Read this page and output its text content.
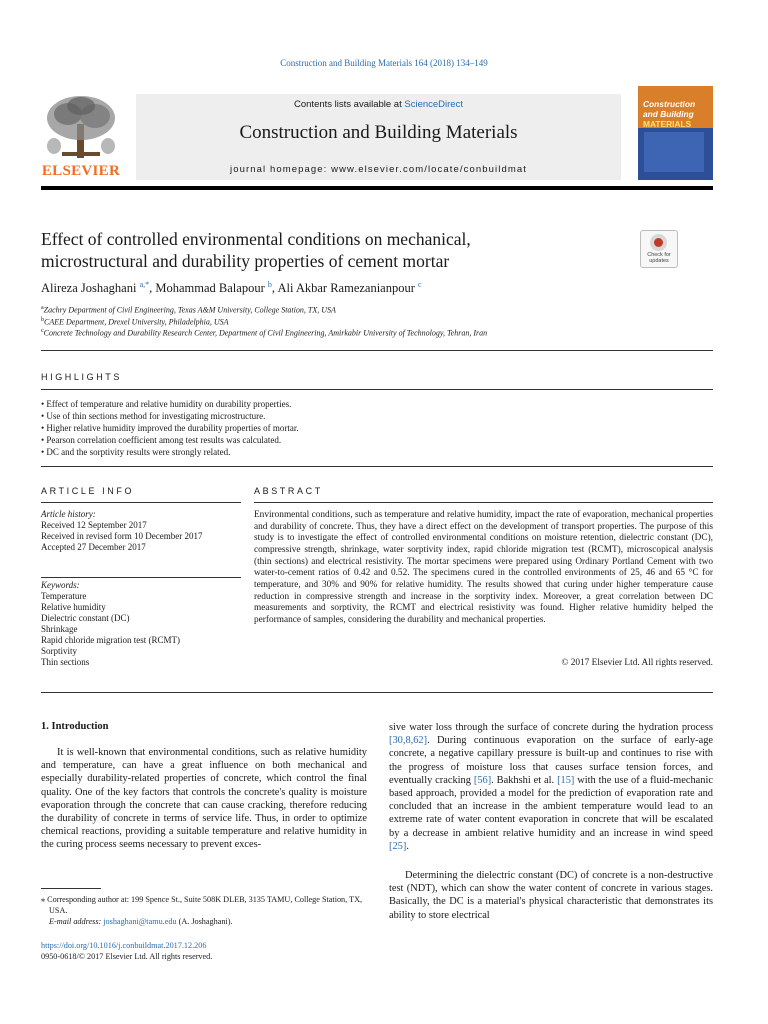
Construction and Building Materials 164 (2018) 134–149
ELSEVIER
Contents lists available at ScienceDirect
Construction and Building Materials
journal homepage: www.elsevier.com/locate/conbuildmat
Construction
and Building
MATERIALS
Effect of controlled environmental conditions on mechanical,
microstructural and durability properties of cement mortar	Check for updates
Alireza Joshaghani $^{a,*}$, Mohammad Balapour $^b$, Ali Akbar Ramezanianpour $^c$
$^a$Zachry Department of Civil Engineering, Texas A&M University, College Station, TX, USA
$^b$CAEE Department, Drexel University, Philadelphia, USA
$^c$Concrete Technology and Durability Research Center, Department of Civil Engineering, Amirkabir University of Technology, Tehran, Iran
HIGHLIGHTS
• Effect of temperature and relative humidity on durability properties.
• Use of thin sections method for investigating microstructure.
• Higher relative humidity improved the durability properties of mortar.
• Pearson correlation coefficient among test results was calculated.
• DC and the sorptivity results were strongly related.
ARTICLE INFO
Article history:
Received 12 September 2017
Received in revised form 10 December 2017
Accepted 27 December 2017
Keywords:
Temperature
Relative humidity
Dielectric constant (DC)
Shrinkage
Rapid chloride migration test (RCMT)
Sorptivity
Thin sections
ABSTRACT
Environmental conditions, such as temperature and relative humidity, impact the rate of evaporation, mechanical properties and durability of concrete. Thus, they have a direct effect on the development of transport properties. The purpose of this study is to investigate the effect of controlled environmental conditions on moisture retention, dielectric constant (DC), compressive strength, shrinkage, water sorptivity index, rapid chloride migration test (RCMT), microscopical analysis (thin sections) and electrical resistivity. The mortar specimens were prepared using Ordinary Portland Cement with two water-to-cement ratios of 0.42 and 0.52. The specimens cured in the controlled environments of 25, 46 and 65 °C for temperature, and 30% and 90% for relative humidity. The results showed that curing under higher temperature cause reduction in compressive strength and increase in the sorptivity index. Moreover, a great correlation between DC measurements and sorptivity, the RCMT and electrical resistivity was found. Higher relative humidity helped the performance of samples, considering the durability and mechanical properties.
© 2017 Elsevier Ltd. All rights reserved.
1. Introduction

It is well-known that environmental conditions, such as relative humidity and temperature, can have a great influence on both mechanical and especially durability-related properties of concrete, which control the final quality. One of the key factors that controls the concrete's quality is moisture evaporation through the concrete that can cause cracking, therefore reducing the durability of concrete in terms of service life. Thus, in order to optimize chemical reactions, providing a suitable temperature and relative humidity in the curing process seems necessary to prevent exces-

sive water loss through the surface of concrete during the hydration process [30,8,62]. During continuous evaporation on the surface of early-age concrete, a negative capillary pressure is built-up and continues to rise with the progress of moisture loss that causes surface tension forces, and eventually cracking [56]. Bakhshi et al. [15] with the use of a fluid-mechanic based approach, provided a model for the prediction of evaporation rate and concluded that an increase in the ambient temperature would lead to an extreme rate of water content evaporation in concrete that will be escalated by a decrease in ambient relative humidity and an increase in wind speed [25].

Determining the dielectric constant (DC) of concrete is a non-destructive test (NDT), which can show the water content of concrete in various stages. Basically, the DC is a material's physical characteristic that demonstrates its ability to store electrical

⁎ Corresponding author at: 199 Spence St., Suite 508K DLEB, 3135 TAMU, College Station, TX, USA.
E-mail address: joshaghani@tamu.edu (A. Joshaghani).
https://doi.org/10.1016/j.conbuildmat.2017.12.206
0950-0618/© 2017 Elsevier Ltd. All rights reserved.
